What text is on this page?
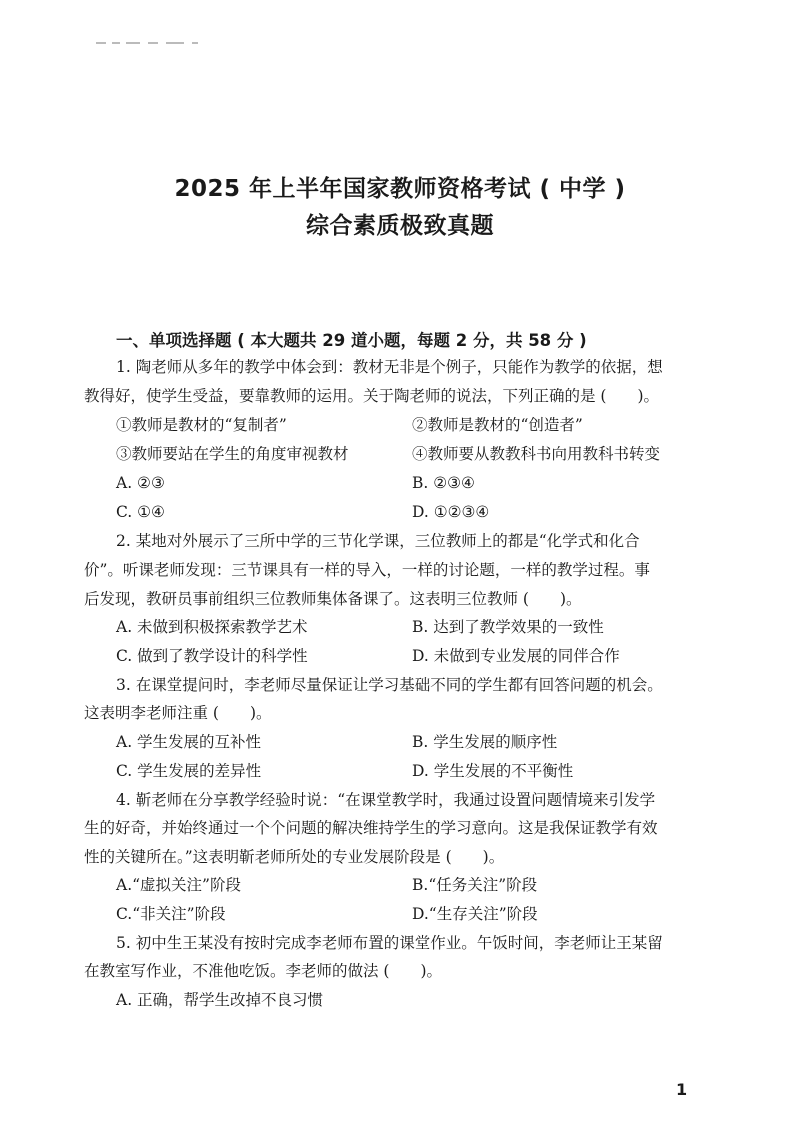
2025 年上半年国家教师资格考试 ( 中学 )
综合素质极致真题
一、单项选择题 ( 本大题共 29 道小题，每题 2 分，共 58 分 )
1. 陶老师从多年的教学中体会到：教材无非是个例子，只能作为教学的依据，想
教得好，使学生受益，要靠教师的运用。关于陶老师的说法，下列正确的是 (　　)。
①教师是教材的“复制者”	②教师是教材的“创造者”
③教师要站在学生的角度审视教材	④教师要从教教科书向用教科书转变
A. ②③	B. ②③④
C. ①④	D. ①②③④
2. 某地对外展示了三所中学的三节化学课，三位教师上的都是“化学式和化合
价”。听课老师发现：三节课具有一样的导入，一样的讨论题，一样的教学过程。事
后发现，教研员事前组织三位教师集体备课了。这表明三位教师 (　　)。
A. 未做到积极探索教学艺术	B. 达到了教学效果的一致性
C. 做到了教学设计的科学性	D. 未做到专业发展的同伴合作
3. 在课堂提问时，李老师尽量保证让学习基础不同的学生都有回答问题的机会。
这表明李老师注重 (　　)。
A. 学生发展的互补性	B. 学生发展的顺序性
C. 学生发展的差异性	D. 学生发展的不平衡性
4. 靳老师在分享教学经验时说：“在课堂教学时，我通过设置问题情境来引发学
生的好奇，并始终通过一个个问题的解决维持学生的学习意向。这是我保证教学有效
性的关键所在。”这表明靳老师所处的专业发展阶段是 (　　)。
A.“虚拟关注”阶段	B.“任务关注”阶段
C.“非关注”阶段	D.“生存关注”阶段
5. 初中生王某没有按时完成李老师布置的课堂作业。午饭时间，李老师让王某留
在教室写作业，不准他吃饭。李老师的做法 (　　)。
A. 正确，帮学生改掉不良习惯
1
